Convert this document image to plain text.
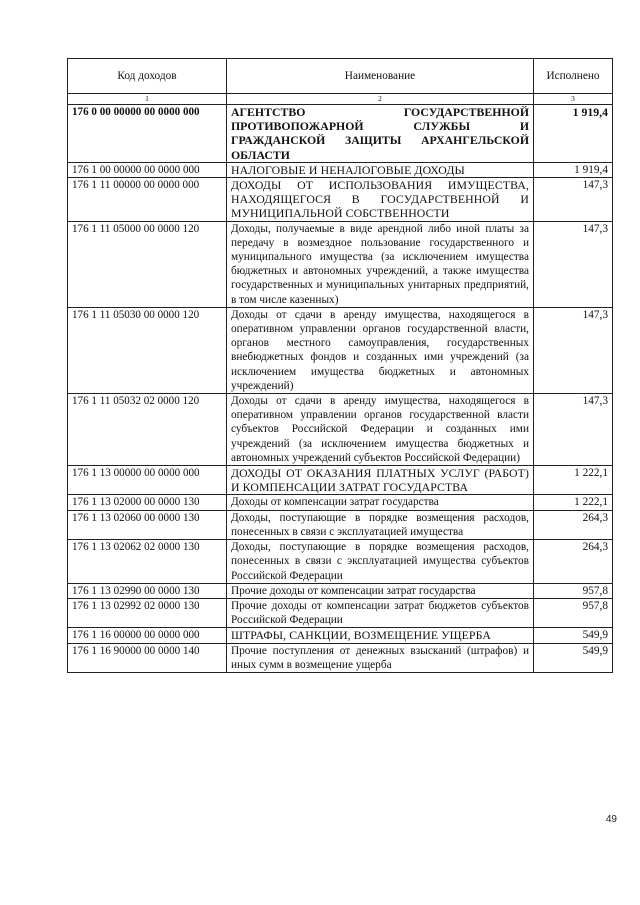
Код доходов	Наименование	Исполнено
1	2	3
176 0 00 00000 00 0000 000	АГЕНТСТВО ГОСУДАРСТВЕННОЙ ПРОТИВОПОЖАРНОЙ СЛУЖБЫ И ГРАЖДАНСКОЙ ЗАЩИТЫ АРХАНГЕЛЬСКОЙ ОБЛАСТИ	1 919,4
176 1 00 00000 00 0000 000	НАЛОГОВЫЕ И НЕНАЛОГОВЫЕ ДОХОДЫ	1 919,4
176 1 11 00000 00 0000 000	ДОХОДЫ ОТ ИСПОЛЬЗОВАНИЯ ИМУЩЕСТВА, НАХОДЯЩЕГОСЯ В ГОСУДАРСТВЕННОЙ И МУНИЦИПАЛЬНОЙ СОБСТВЕННОСТИ	147,3
176 1 11 05000 00 0000 120	Доходы, получаемые в виде арендной либо иной платы за передачу в возмездное пользование государственного и муниципального имущества (за исключением имущества бюджетных и автономных учреждений, а также имущества государственных и муниципальных унитарных предприятий, в том числе казенных)	147,3
176 1 11 05030 00 0000 120	Доходы от сдачи в аренду имущества, находящегося в оперативном управлении органов государственной власти, органов местного самоуправления, государственных внебюджетных фондов и созданных ими учреждений (за исключением имущества бюджетных и автономных учреждений)	147,3
176 1 11 05032 02 0000 120	Доходы от сдачи в аренду имущества, находящегося в оперативном управлении органов государственной власти субъектов Российской Федерации и созданных ими учреждений (за исключением имущества бюджетных и автономных учреждений субъектов Российской Федерации)	147,3
176 1 13 00000 00 0000 000	ДОХОДЫ ОТ ОКАЗАНИЯ ПЛАТНЫХ УСЛУГ (РАБОТ) И КОМПЕНСАЦИИ ЗАТРАТ ГОСУДАРСТВА	1 222,1
176 1 13 02000 00 0000 130	Доходы от компенсации затрат государства	1 222,1
176 1 13 02060 00 0000 130	Доходы, поступающие в порядке возмещения расходов, понесенных в связи с эксплуатацией имущества	264,3
176 1 13 02062 02 0000 130	Доходы, поступающие в порядке возмещения расходов, понесенных в связи с эксплуатацией имущества субъектов Российской Федерации	264,3
176 1 13 02990 00 0000 130	Прочие доходы от компенсации затрат государства	957,8
176 1 13 02992 02 0000 130	Прочие доходы от компенсации затрат бюджетов субъектов Российской Федерации	957,8
176 1 16 00000 00 0000 000	ШТРАФЫ, САНКЦИИ, ВОЗМЕЩЕНИЕ УЩЕРБА	549,9
176 1 16 90000 00 0000 140	Прочие поступления от денежных взысканий (штрафов) и иных сумм в возмещение ущерба	549,9
49
